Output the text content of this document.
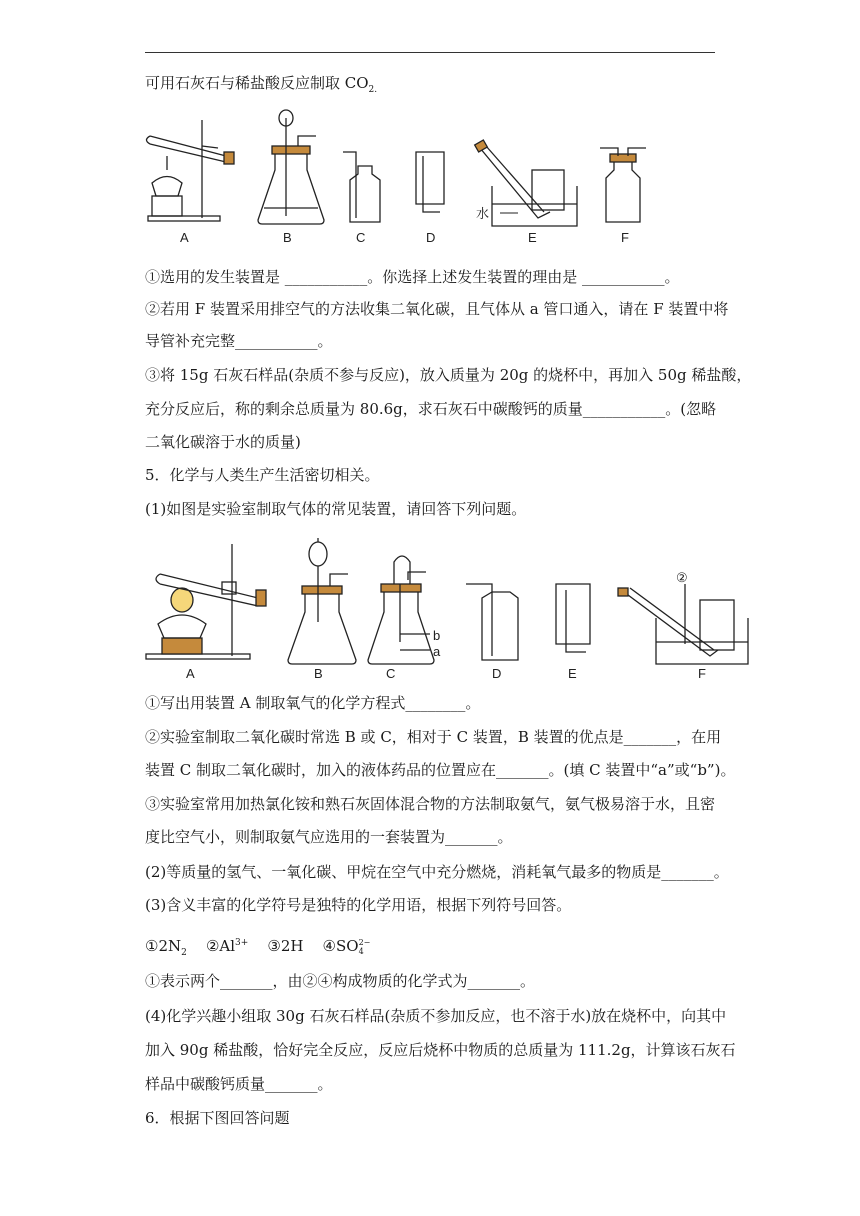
可用石灰石与稀盐酸反应制取 $CO_{2.}$
水
A	B	C	D	E	F
①选用的发生装置是 ___________。你选择上述发生装置的理由是 ___________。
②若用 F 装置采用排空气的方法收集二氧化碳，且气体从 a 管口通入，请在 F 装置中将
导管补充完整___________。
③将 15g 石灰石样品(杂质不参与反应)，放入质量为 20g 的烧杯中，再加入 50g 稀盐酸，
充分反应后，称的剩余总质量为 80.6g，求石灰石中碳酸钙的质量___________。(忽略
二氧化碳溶于水的质量)
5．化学与人类生产生活密切相关。
(1)如图是实验室制取气体的常见装置，请回答下列问题。
b
a
②
A	B	C	D	E	F
①写出用装置 A 制取氧气的化学方程式________。
②实验室制取二氧化碳时常选 B 或 C，相对于 C 装置，B 装置的优点是_______，在用
装置 C 制取二氧化碳时，加入的液体药品的位置应在_______。(填 C 装置中“a”或“b”)。
③实验室常用加热氯化铵和熟石灰固体混合物的方法制取氨气，氨气极易溶于水，且密
度比空气小，则制取氨气应选用的一套装置为_______。
(2)等质量的氢气、一氧化碳、甲烷在空气中充分燃烧，消耗氧气最多的物质是_______。
(3)含义丰富的化学符号是独特的化学用语，根据下列符号回答。
$①2N_2$ $②Al^{3+}$ ③2H ④SO2−
4
①表示两个_______，由②④构成物质的化学式为_______。
(4)化学兴趣小组取 30g 石灰石样品(杂质不参加反应，也不溶于水)放在烧杯中，向其中
加入 90g 稀盐酸，恰好完全反应，反应后烧杯中物质的总质量为 111.2g，计算该石灰石
样品中碳酸钙质量_______。
6．根据下图回答问题
